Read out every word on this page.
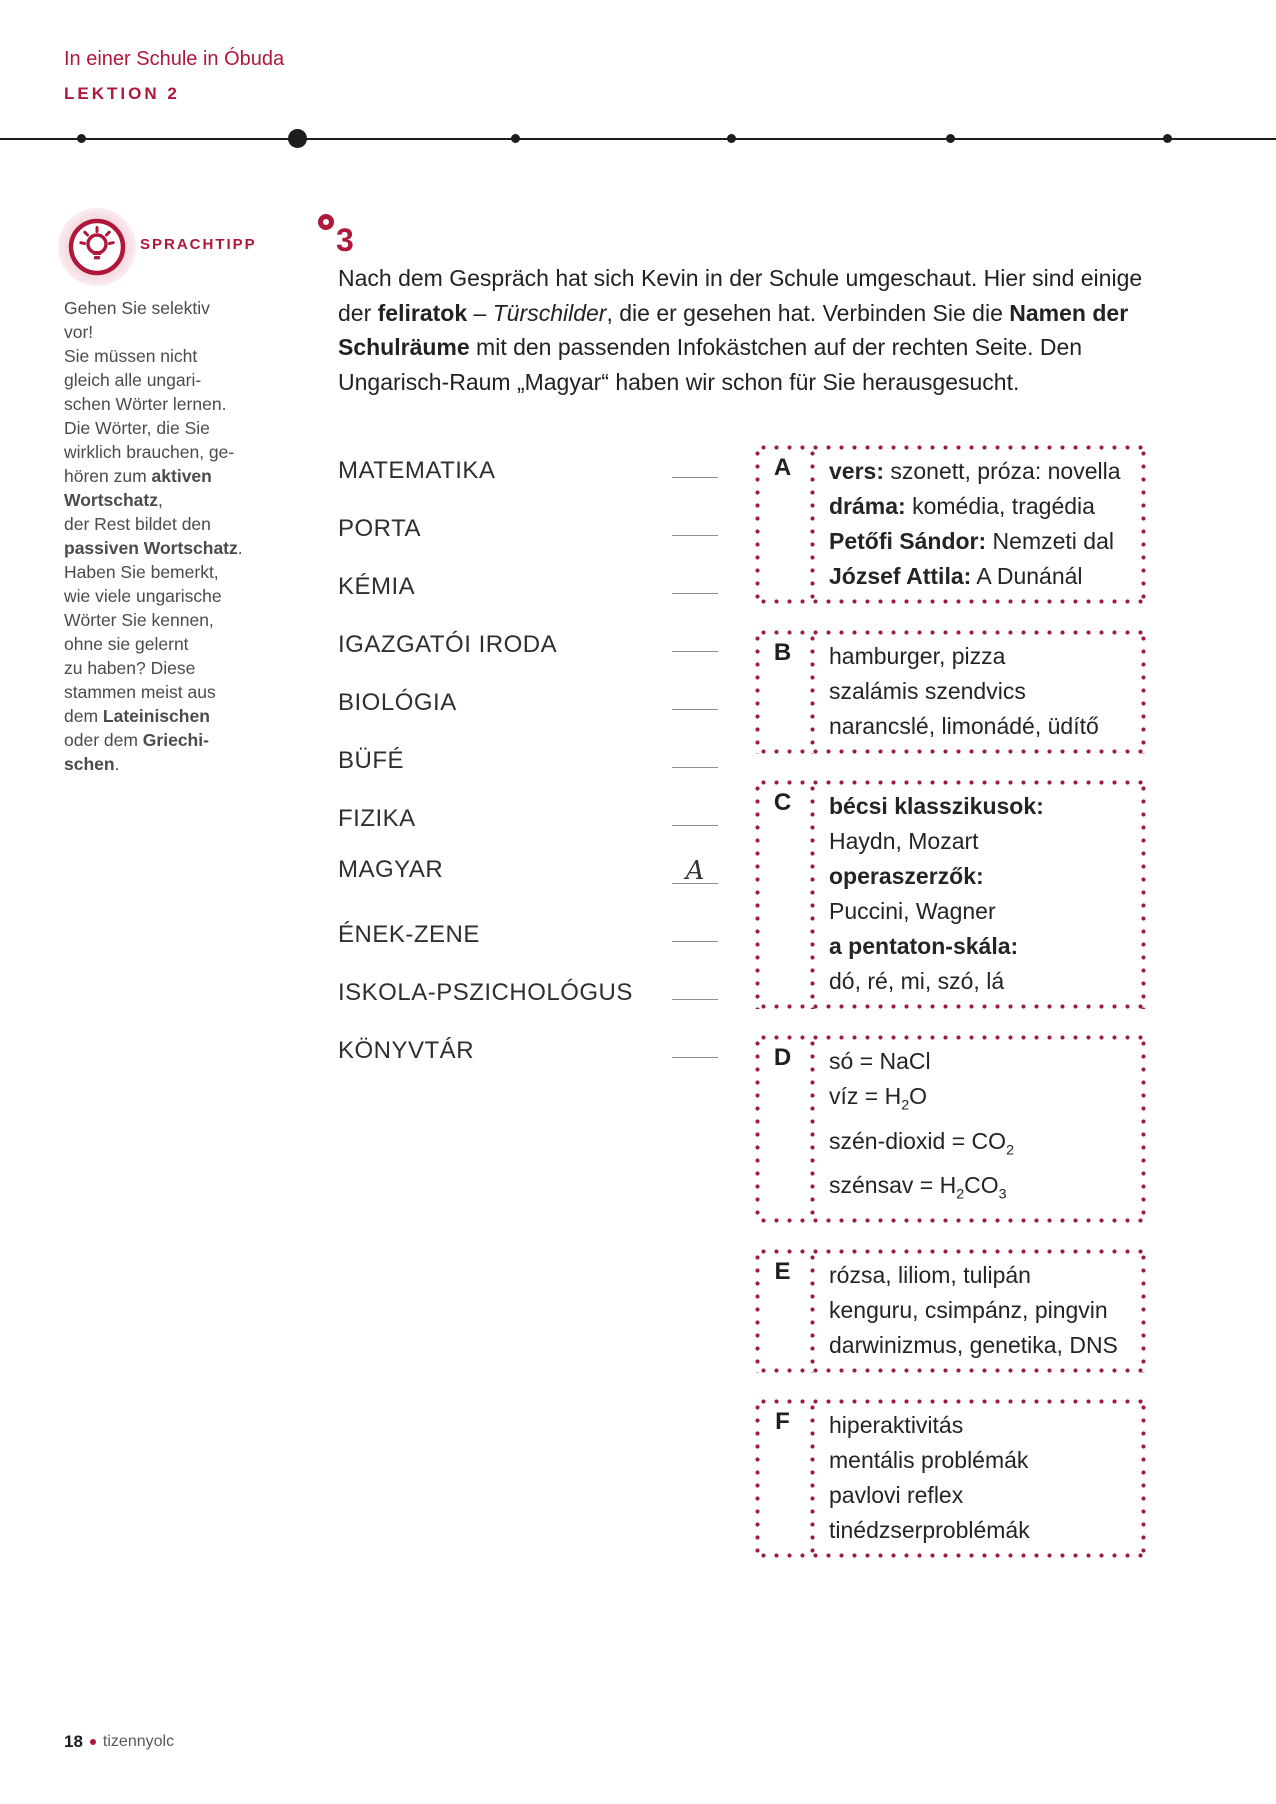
In einer Schule in Óbuda
LEKTION 2
SPRACHTIPP
Gehen Sie selektiv
vor!
Sie müssen nicht
gleich alle ungari-
schen Wörter lernen.
Die Wörter, die Sie
wirklich brauchen, ge-
hören zum aktiven
Wortschatz,
der Rest bildet den
passiven Wortschatz.
Haben Sie bemerkt,
wie viele ungarische
Wörter Sie kennen,
ohne sie gelernt
zu haben? Diese
stammen meist aus
dem Lateinischen
oder dem Griechi-
schen.
3
Nach dem Gespräch hat sich Kevin in der Schule umgeschaut. Hier sind einige der feliratok – Türschilder, die er gesehen hat. Verbinden Sie die Namen der Schulräume mit den passenden Infokästchen auf der rechten Seite. Den Ungarisch-Raum „Magyar“ haben wir schon für Sie herausgesucht.
MATEMATIKA
PORTA
KÉMIA
IGAZGATÓI IRODA
BIOLÓGIA
BÜFÉ
FIZIKA
MAGYAR	A
ÉNEK-ZENE
ISKOLA-PSZICHOLÓGUS
KÖNYVTÁR
A	vers: szonett, próza: novella
dráma: komédia, tragédia
Petőfi Sándor: Nemzeti dal
József Attila: A Dunánál
B	hamburger, pizza
szalámis szendvics
narancslé, limonádé, üdítő
C	bécsi klasszikusok:
Haydn, Mozart
operaszerzők:
Puccini, Wagner
a pentaton-skála:
dó, ré, mi, szó, lá
D	só = NaCl
víz = $H_2O$
szén-dioxid = $CO_2$
szénsav = $H_2CO_3$
E	rózsa, liliom, tulipán
kenguru, csimpánz, pingvin
darwinizmus, genetika, DNS
F	hiperaktivitás
mentális problémák
pavlovi reflex
tinédzserproblémák
18 tizennyolc
